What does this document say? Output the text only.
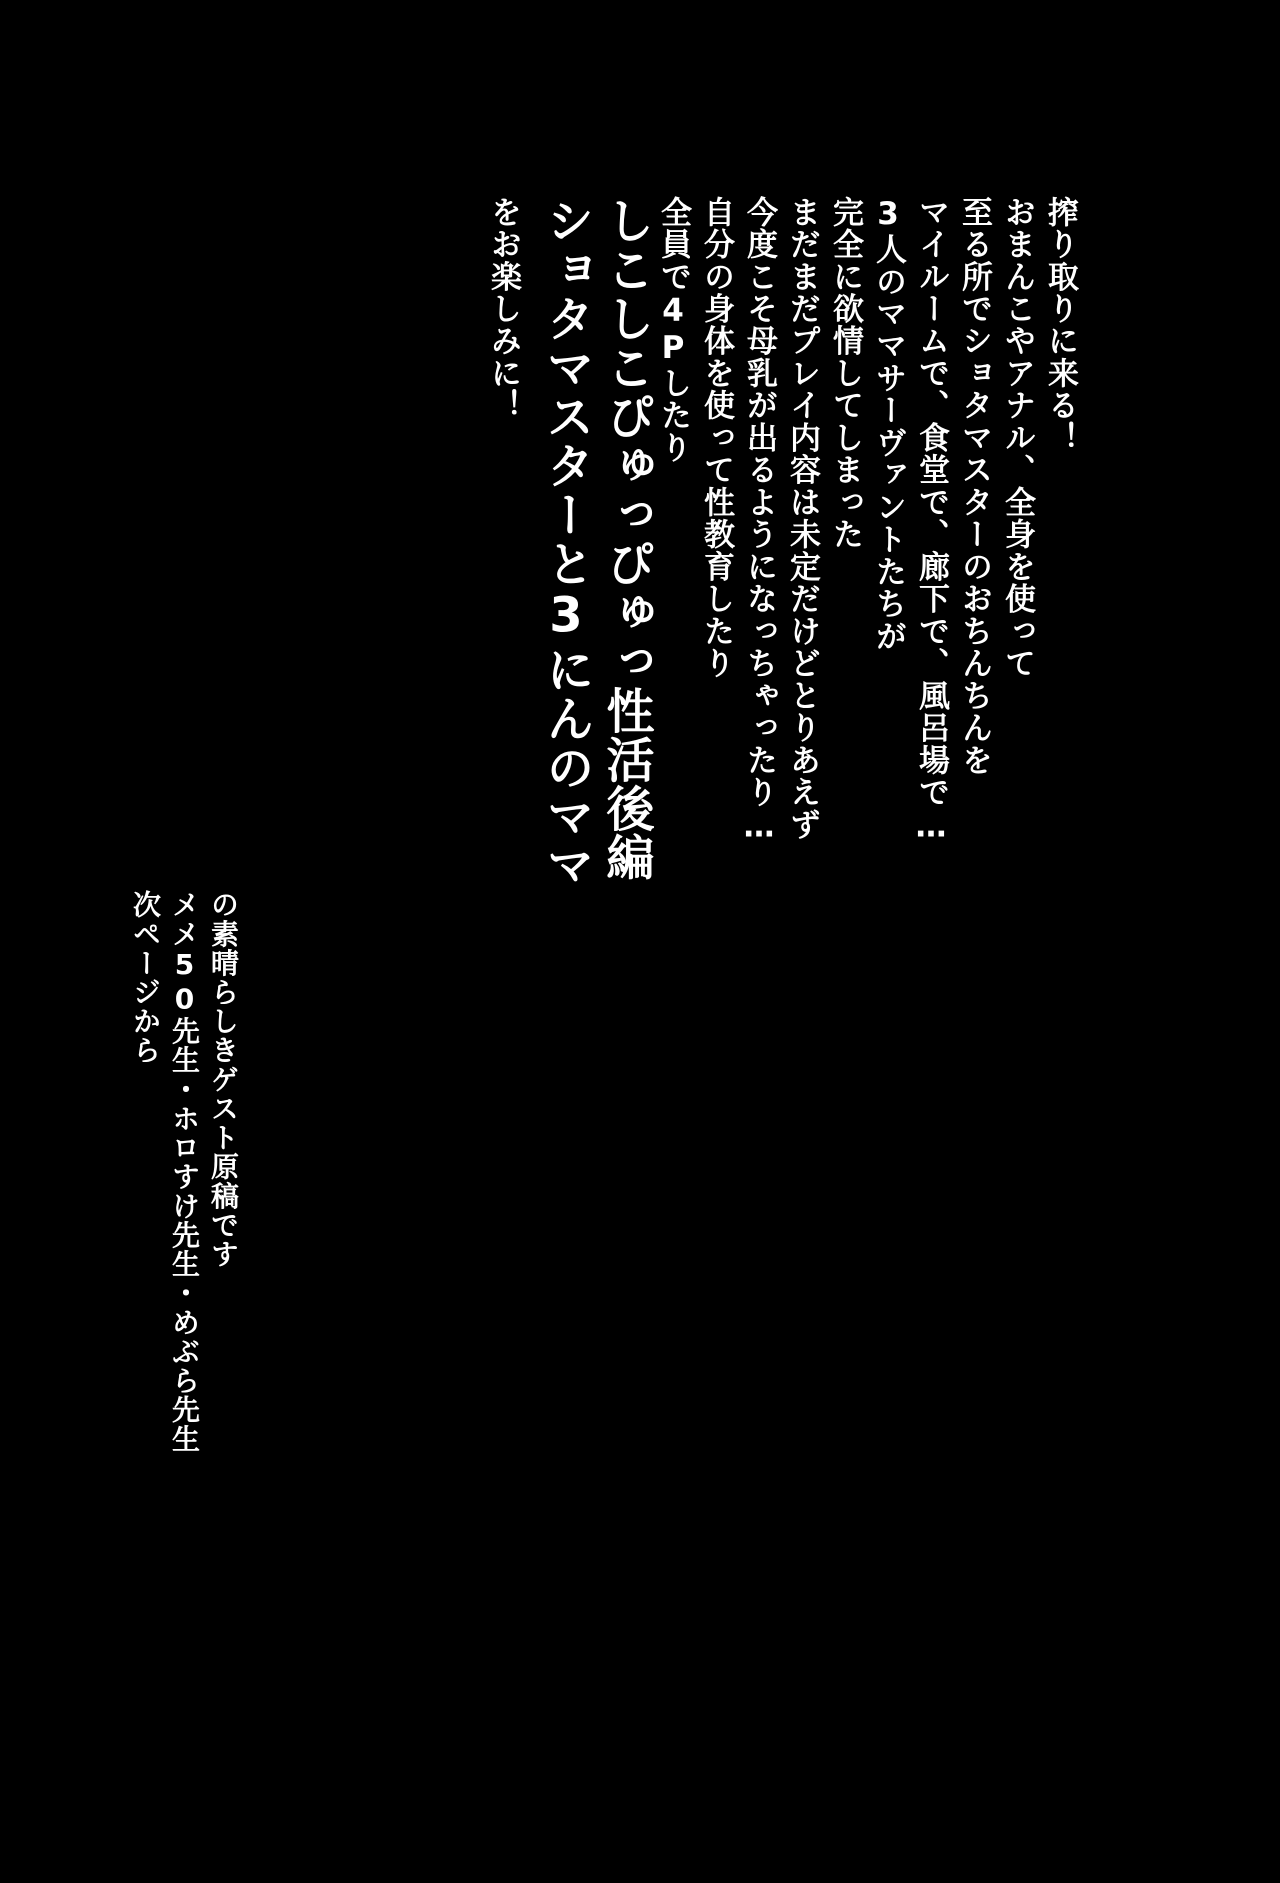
搾り取りに来る！
おまんこやアナル、全身を使って
至る所でショタマスターのおちんちんを
マイルームで、食堂で、廊下で、風呂場で…
3人のママサーヴァントたちが
完全に欲情してしまった
まだまだプレイ内容は未定だけどとりあえず
今度こそ母乳が出るようになっちゃったり…
自分の身体を使って性教育したり
全員で4Pしたり
しこしこぴゅっぴゅっ性活後編
ショタマスターと3にんのママ
をお楽しみに！
の素晴らしきゲスト原稿です
メメ50先生・ホロすけ先生・めぶら先生
次ページから
